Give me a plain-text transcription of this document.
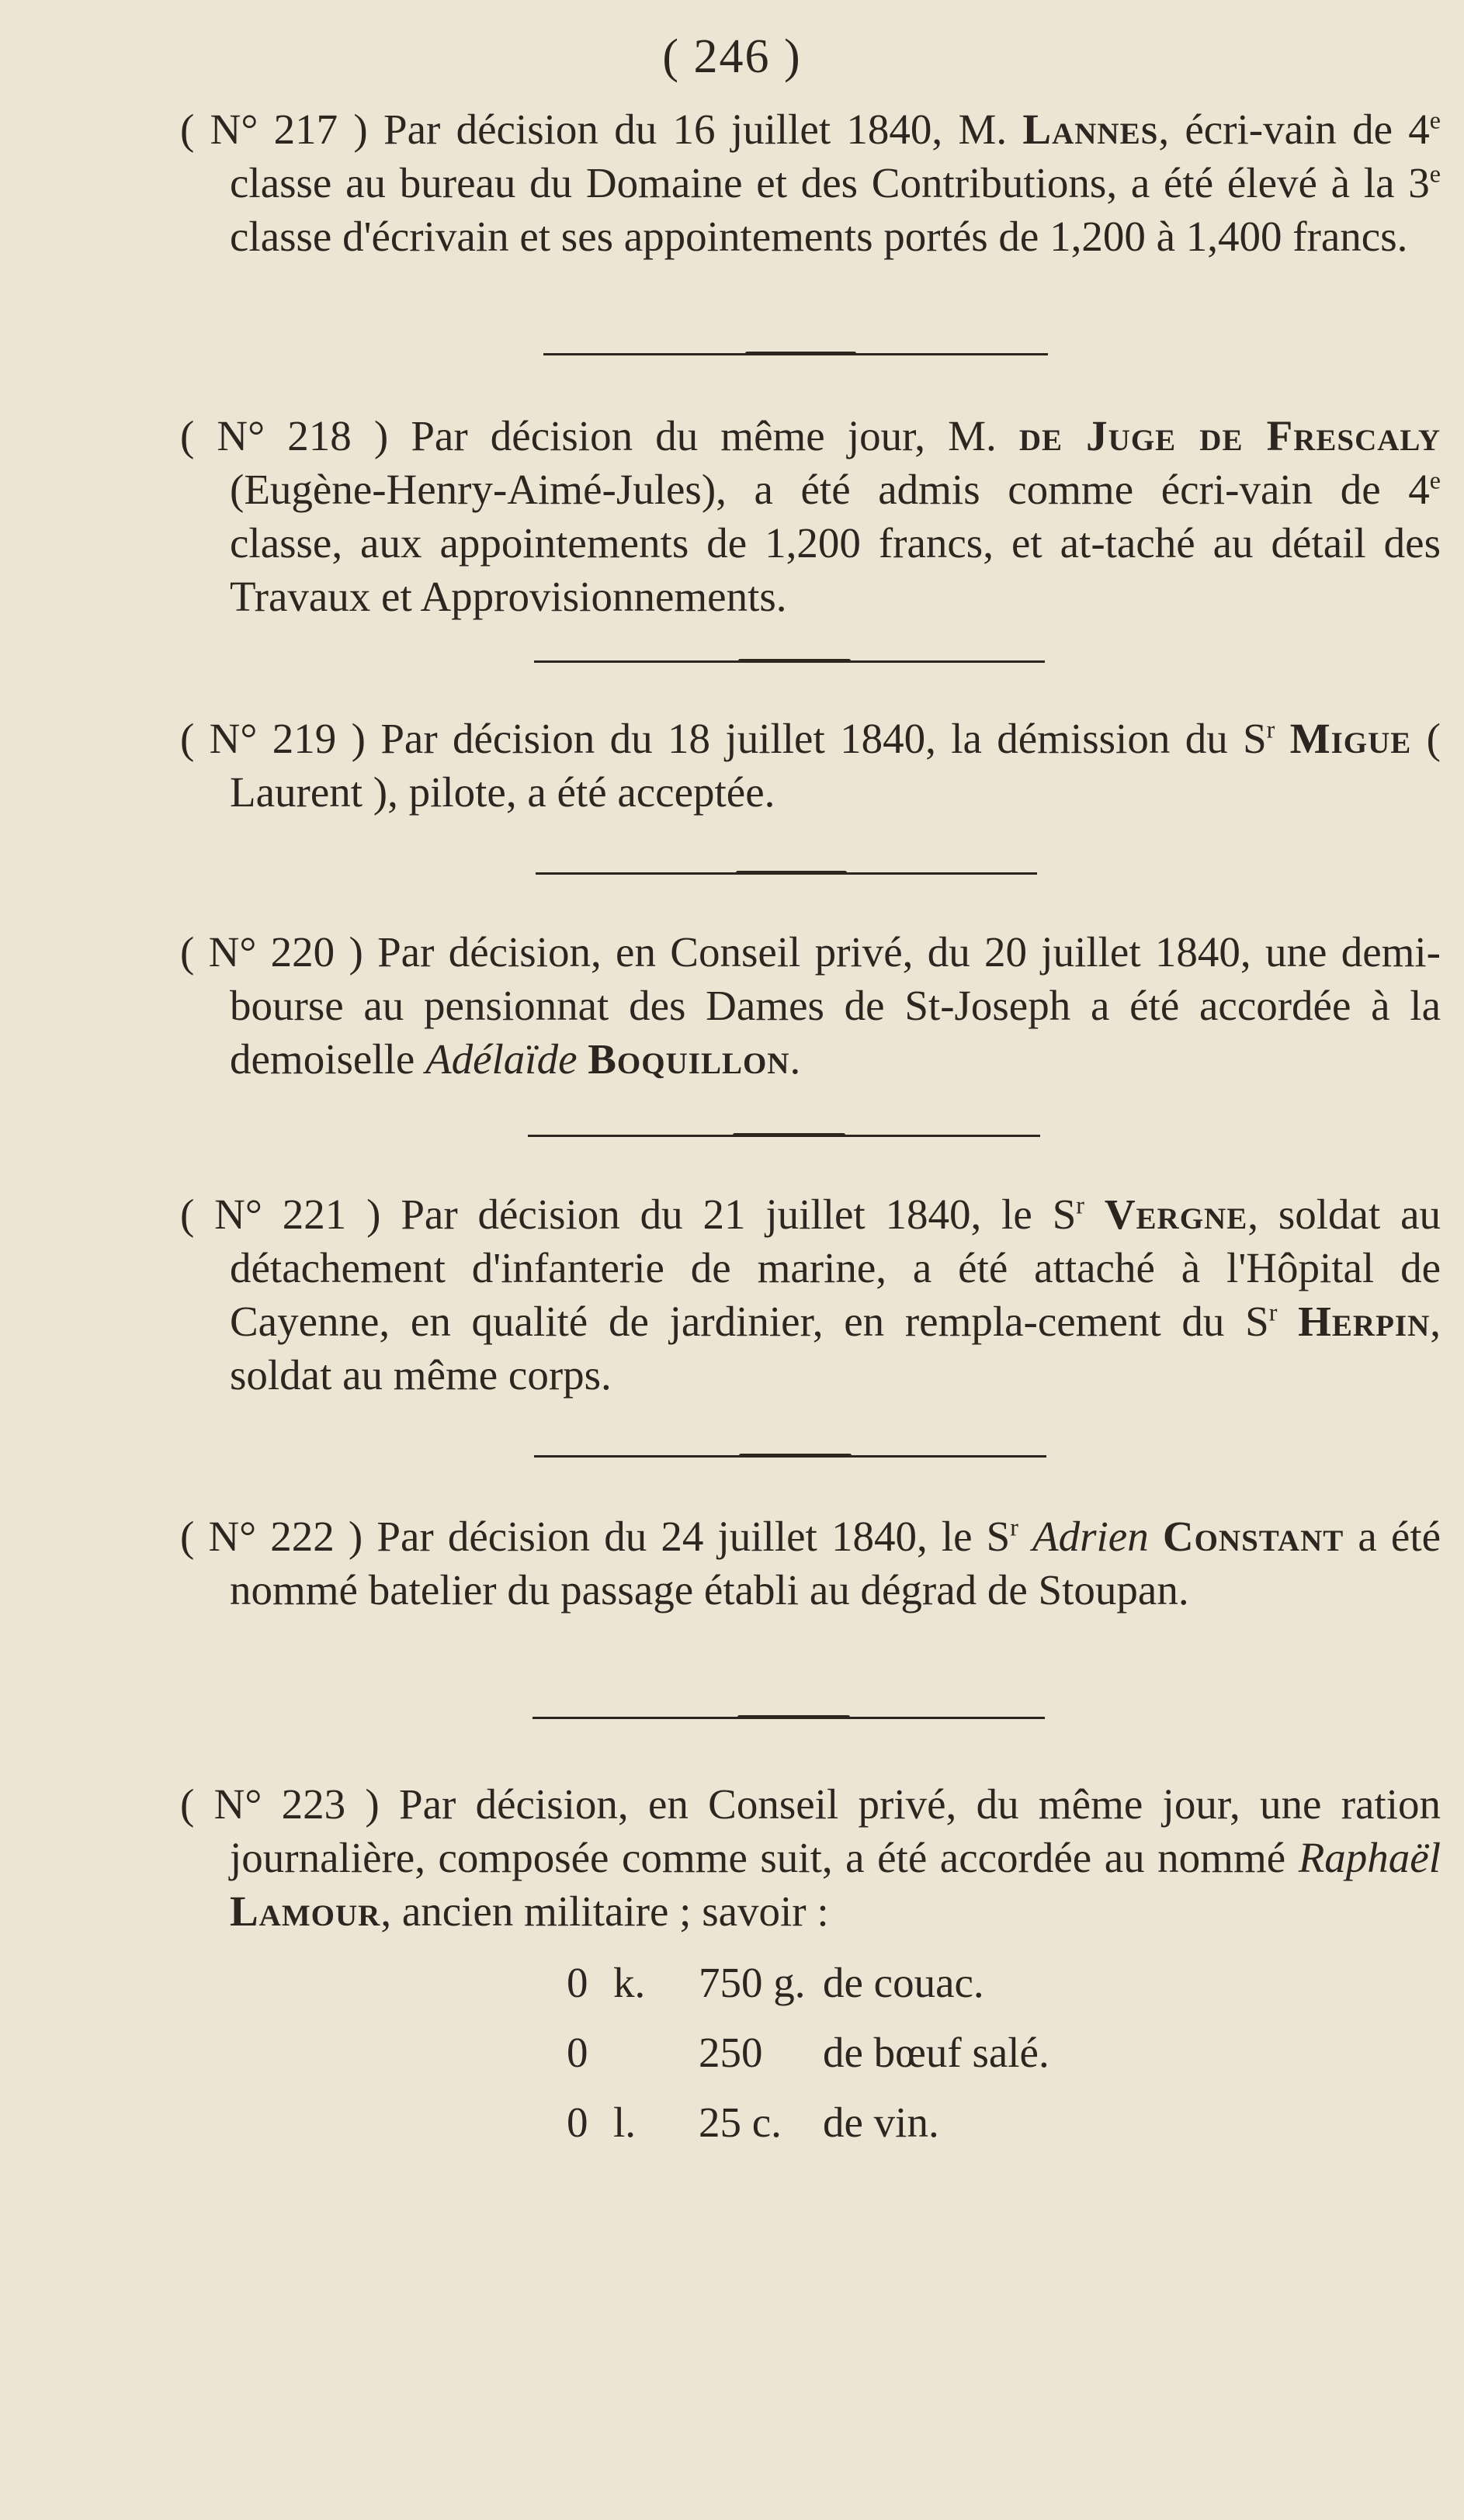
( 246 )
( N° 217 ) Par décision du 16 juillet 1840, M. Lannes, écri-vain de 4e classe au bureau du Domaine et des Contributions, a été élevé à la 3e classe d'écrivain et ses appointements portés de 1,200 à 1,400 francs.
( N° 218 ) Par décision du même jour, M. de Juge de Frescaly (Eugène-Henry-Aimé-Jules), a été admis comme écri-vain de 4e classe, aux appointements de 1,200 francs, et at-taché au détail des Travaux et Approvisionnements.
( N° 219 ) Par décision du 18 juillet 1840, la démission du $S^r$ Migue ( Laurent ), pilote, a été acceptée.
( N° 220 ) Par décision, en Conseil privé, du 20 juillet 1840, une demi-bourse au pensionnat des Dames de St-Joseph a été accordée à la demoiselle Adélaïde Boquillon.
( N° 221 ) Par décision du 21 juillet 1840, le $S^r$ Vergne, soldat au détachement d'infanterie de marine, a été attaché à l'Hôpital de Cayenne, en qualité de jardinier, en rempla-cement du $S^r$ Herpin, soldat au même corps.
( N° 222 ) Par décision du 24 juillet 1840, le $S^r$ Adrien Constant a été nommé batelier du passage établi au dégrad de Stoupan.
( N° 223 ) Par décision, en Conseil privé, du même jour, une ration journalière, composée comme suit, a été accordée au nommé Raphaël Lamour, ancien militaire ; savoir :
0 k.	750 g. de couac.
0	250	de bœuf salé.
0 l.	25 c. de vin.
